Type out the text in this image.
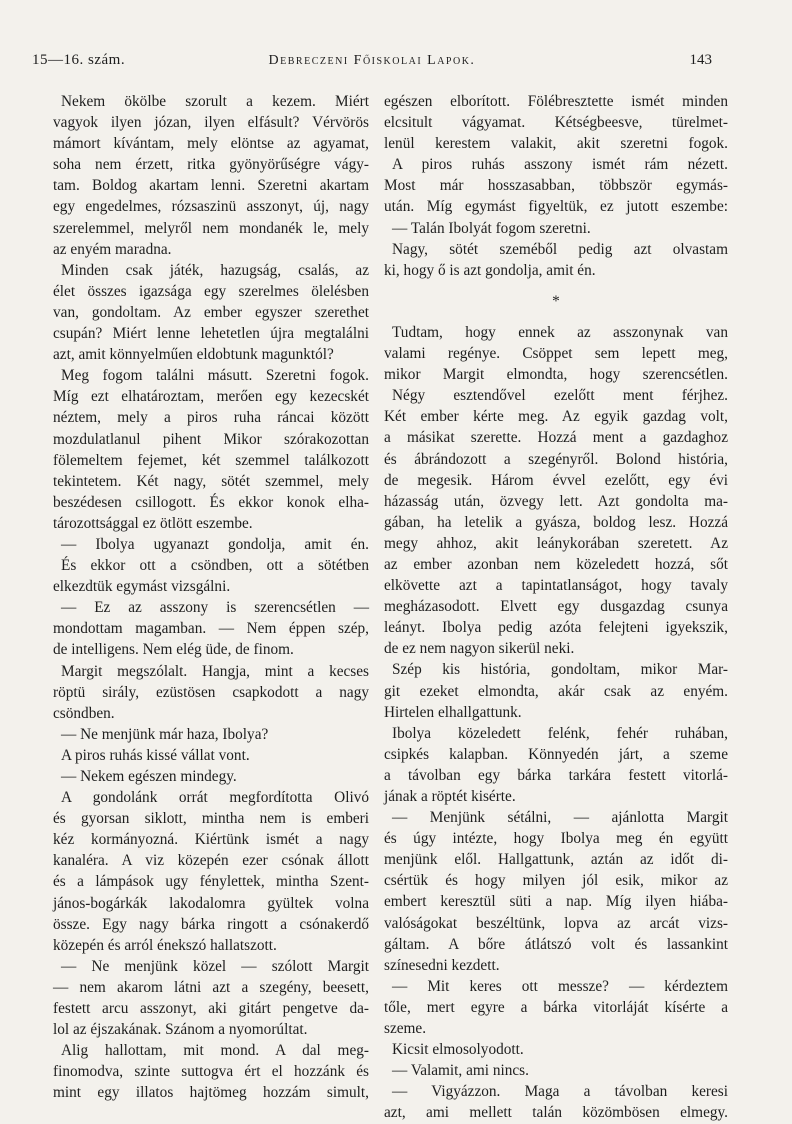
15—16. szám.	Debreczeni Főiskolai Lapok.	143
Nekem ökölbe szorult a kezem. Miért
vagyok ilyen józan, ilyen elfásult? Vérvörös
mámort kívántam, mely elöntse az agyamat,
soha nem érzett, ritka gyönyörűségre vágy-
tam. Boldog akartam lenni. Szeretni akartam
egy engedelmes, rózsaszinü asszonyt, új, nagy
szerelemmel, melyről nem mondanék le, mely
az enyém maradna.
Minden csak játék, hazugság, csalás, az
élet összes igazsága egy szerelmes ölelésben
van, gondoltam. Az ember egyszer szerethet
csupán? Miért lenne lehetetlen újra megtalálni
azt, amit könnyelműen eldobtunk magunktól?
Meg fogom találni másutt. Szeretni fogok.
Míg ezt elhatároztam, merően egy kezecskét
néztem, mely a piros ruha ráncai között
mozdulatlanul pihent Mikor szórakozottan
fölemeltem fejemet, két szemmel találkozott
tekintetem. Két nagy, sötét szemmel, mely
beszédesen csillogott. És ekkor konok elha-
tározottsággal ez ötlött eszembe.
— Ibolya ugyanazt gondolja, amit én.
És ekkor ott a csöndben, ott a sötétben
elkezdtük egymást vizsgálni.
— Ez az asszony is szerencsétlen —
mondottam magamban. — Nem éppen szép,
de intelligens. Nem elég üde, de finom.
Margit megszólalt. Hangja, mint a kecses
röptü sirály, ezüstösen csapkodott a nagy
csöndben.
— Ne menjünk már haza, Ibolya?
A piros ruhás kissé vállat vont.
— Nekem egészen mindegy.
A gondolánk orrát megfordította Olivó
és gyorsan siklott, mintha nem is emberi
kéz kormányozná. Kiértünk ismét a nagy
kanaléra. A viz közepén ezer csónak állott
és a lámpások ugy fénylettek, mintha Szent-
jános-bogárkák lakodalomra gyültek volna
össze. Egy nagy bárka ringott a csónakerdő
közepén és arról énekszó hallatszott.
— Ne menjünk közel — szólott Margit
— nem akarom látni azt a szegény, beesett,
festett arcu asszonyt, aki gitárt pengetve da-
lol az éjszakának. Szánom a nyomorúltat.
Alig hallottam, mit mond. A dal meg-
finomodva, szinte suttogva ért el hozzánk és
mint egy illatos hajtömeg hozzám simult,
egészen elborított. Fölébresztette ismét minden
elcsitult vágyamat. Kétségbeesve, türelmet-
lenül kerestem valakit, akit szeretni fogok.
A piros ruhás asszony ismét rám nézett.
Most már hosszasabban, többször egymás-
után. Míg egymást figyeltük, ez jutott eszembe:
— Talán Ibolyát fogom szeretni.
Nagy, sötét szeméből pedig azt olvastam
ki, hogy ő is azt gondolja, amit én.
*
Tudtam, hogy ennek az asszonynak van
valami regénye. Csöppet sem lepett meg,
mikor Margit elmondta, hogy szerencsétlen.
Négy esztendővel ezelőtt ment férjhez.
Két ember kérte meg. Az egyik gazdag volt,
a másikat szerette. Hozzá ment a gazdaghoz
és ábrándozott a szegényről. Bolond história,
de megesik. Három évvel ezelőtt, egy évi
házasság után, özvegy lett. Azt gondolta ma-
gában, ha letelik a gyásza, boldog lesz. Hozzá
megy ahhoz, akit leánykorában szeretett. Az
az ember azonban nem közeledett hozzá, sőt
elkövette azt a tapintatlanságot, hogy tavaly
megházasodott. Elvett egy dusgazdag csunya
leányt. Ibolya pedig azóta felejteni igyekszik,
de ez nem nagyon sikerül neki.
Szép kis história, gondoltam, mikor Mar-
git ezeket elmondta, akár csak az enyém.
Hirtelen elhallgattunk.
Ibolya közeledett felénk, fehér ruhában,
csipkés kalapban. Könnyedén járt, a szeme
a távolban egy bárka tarkára festett vitorlá-
jának a röptét kisérte.
— Menjünk sétálni, — ajánlotta Margit
és úgy intézte, hogy Ibolya meg én együtt
menjünk elől. Hallgattunk, aztán az időt di-
csértük és hogy milyen jól esik, mikor az
embert keresztül süti a nap. Míg ilyen hiába-
valóságokat beszéltünk, lopva az arcát vizs-
gáltam. A bőre átlátszó volt és lassankint
színesedni kezdett.
— Mit keres ott messze? — kérdeztem
tőle, mert egyre a bárka vitorláját kísérte a
szeme.
Kicsit elmosolyodott.
— Valamit, ami nincs.
— Vigyázzon. Maga a távolban keresi
azt, ami mellett talán közömbösen elmegy.
